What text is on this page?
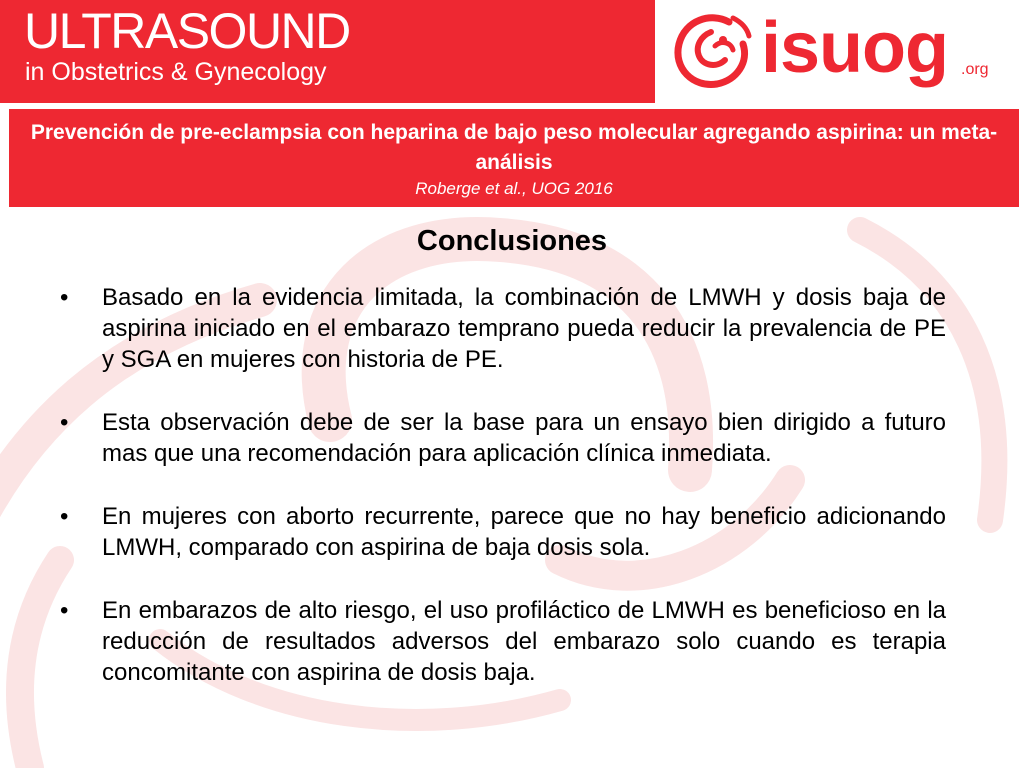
ULTRASOUND
in Obstetrics & Gynecology	isuog .org
Prevención de pre-eclampsia con heparina de bajo peso molecular agregando aspirina: un meta-análisis
Roberge et al., UOG 2016
Conclusiones
• Basado en la evidencia limitada, la combinación de LMWH y dosis baja de aspirina iniciado en el embarazo temprano pueda reducir la prevalencia de PE y SGA en mujeres con historia de PE.
• Esta observación debe de ser la base para un ensayo bien dirigido a futuro mas que una recomendación para aplicación clínica inmediata.
• En mujeres con aborto recurrente, parece que no hay beneficio adicionando LMWH, comparado con aspirina de baja dosis sola.
• En embarazos de alto riesgo, el uso profiláctico de LMWH es beneficioso en la reducción de resultados adversos del embarazo solo cuando es terapia concomitante con aspirina de dosis baja.
